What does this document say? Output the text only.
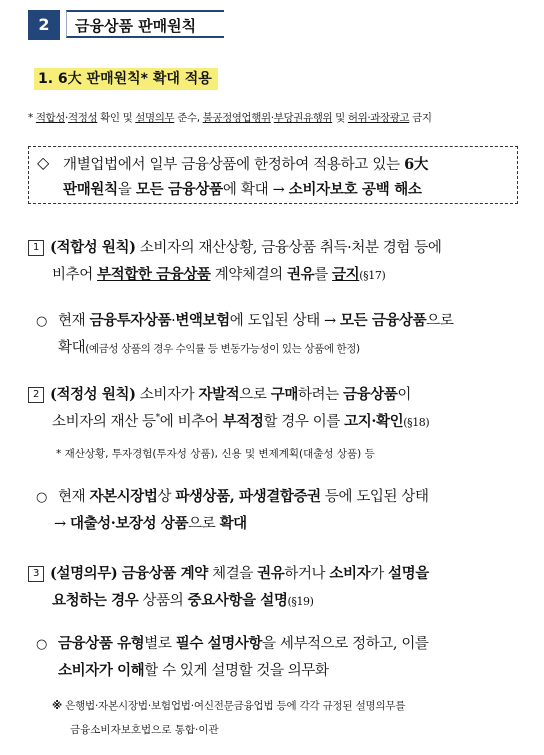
2	금융상품 판매원칙
1. 6大 판매원칙* 확대 적용
* 적합성·적정성 확인 및 설명의무 준수, 불공정영업행위·부당권유행위 및 허위·과장광고 금지
◇ 개별업법에서 일부 금융상품에 한정하여 적용하고 있는 6大
판매원칙을 모든 금융상품에 확대 → 소비자보호 공백 해소
1 (적합성 원칙) 소비자의 재산상황, 금융상품 취득·처분 경험 등에
비추어 부적합한 금융상품 계약체결의 권유를 금지(§17)
○ 현재 금융투자상품·변액보험에 도입된 상태 → 모든 금융상품으로
확대(예금성 상품의 경우 수익률 등 변동가능성이 있는 상품에 한정)
2 (적정성 원칙) 소비자가 자발적으로 구매하려는 금융상품이
소비자의 재산 등*에 비추어 부적정할 경우 이를 고지·확인(§18)
* 재산상황, 투자경험(투자성 상품), 신용 및 변제계획(대출성 상품) 등
○ 현재 자본시장법상 파생상품, 파생결합증권 등에 도입된 상태
→ 대출성·보장성 상품으로 확대
3 (설명의무) 금융상품 계약 체결을 권유하거나 소비자가 설명을
요청하는 경우 상품의 중요사항을 설명(§19)
○ 금융상품 유형별로 필수 설명사항을 세부적으로 정하고, 이를
소비자가 이해할 수 있게 설명할 것을 의무화
※ 은행법·자본시장법·보험업법·여신전문금융업법 등에 각각 규정된 설명의무를
금융소비자보호법으로 통합·이관
